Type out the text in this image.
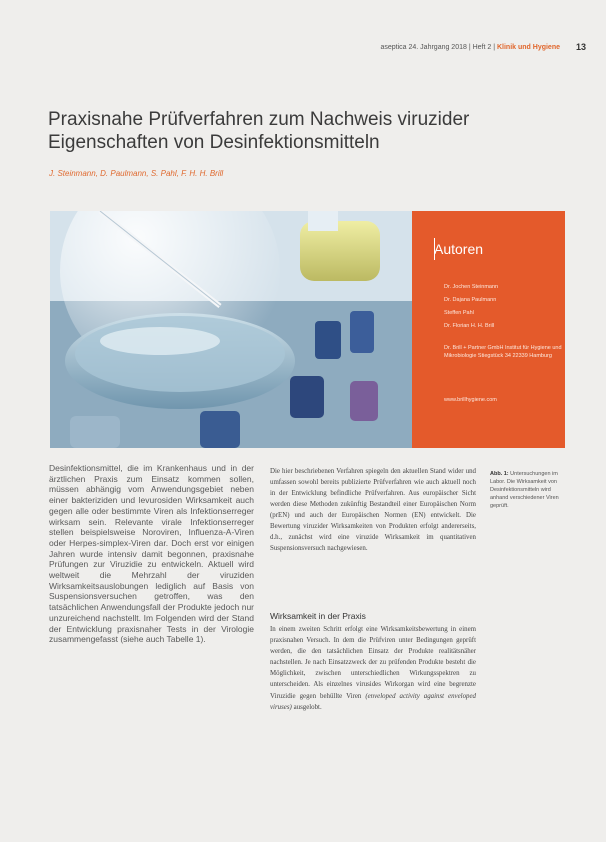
aseptica 24. Jahrgang 2018 | Heft 2 | Klinik und Hygiene 13
Praxisnahe Prüfverfahren zum Nachweis viruzider Eigenschaften von Desinfektionsmitteln
J. Steinmann, D. Paulmann, S. Pahl, F. H. H. Brill
Autoren
Dr. Jochen Steinmann
Dr. Dajana Paulmann
Steffen Pahl
Dr. Florian H. H. Brill
Dr. Brill + Partner GmbH Institut für Hygiene und Mikrobiologie Stiegstück 34 22339 Hamburg
www.brillhygiene.com

Desinfektionsmittel, die im Krankenhaus und in der ärztlichen Praxis zum Einsatz kommen sollen, müssen abhängig vom Anwendungsgebiet neben einer bakteriziden und levurosiden Wirksamkeit auch gegen alle oder bestimmte Viren als Infektionserreger wirksam sein. Relevante virale Infektionserreger stellen beispielsweise Noroviren, Influenza-A-Viren oder Herpes-simplex-Viren dar. Doch erst vor einigen Jahren wurde intensiv damit begonnen, praxisnahe Prüfungen zur Viruzidie zu entwickeln. Aktuell wird weltweit die Mehrzahl der viruziden Wirksamkeitsauslobungen lediglich auf Basis von Suspensionsversuchen getroffen, was den tatsächlichen Anwendungsfall der Produkte jedoch nur unzureichend nachstellt. Im Folgenden wird der Stand der Entwicklung praxisnaher Tests in der Virologie zusammengefasst (siehe auch Tabelle 1).

Die hier beschriebenen Verfahren spiegeln den aktuellen Stand wider und umfassen sowohl bereits publizierte Prüfverfahren wie auch aktuell noch in der Entwicklung befindliche Prüfverfahren. Aus europäischer Sicht werden diese Methoden zukünftig Bestandteil einer Europäischen Norm (prEN) und auch der Europäischen Normen (EN) entwickelt. Die Bewertung viruzider Wirksamkeiten von Produkten erfolgt andererseits, d.h., zunächst wird eine viruzide Wirksamkeit im quantitativen Suspensionsversuch nachgewiesen.

Wirksamkeit in der Praxis

In einem zweiten Schritt erfolgt eine Wirksamkeitsbewertung in einem praxisnahen Versuch. In dem die Prüfviren unter Bedingungen geprüft werden, die den tatsächlichen Einsatz der Produkte realitätsnäher nachstellen. Je nach Einsatzzweck der zu prüfenden Produkte besteht die Möglichkeit, zwischen unterschiedlichen Wirkungsspektren zu unterscheiden. Als einzelnes virusides Wirkorgan wird eine begrenzte Viruzidie gegen behüllte Viren (enveloped activity against enveloped viruses) ausgelobt.

Abb. 1: Untersuchungen im Labor. Die Wirksamkeit von Desinfektionsmitteln wird anhand verschiedener Viren geprüft.
